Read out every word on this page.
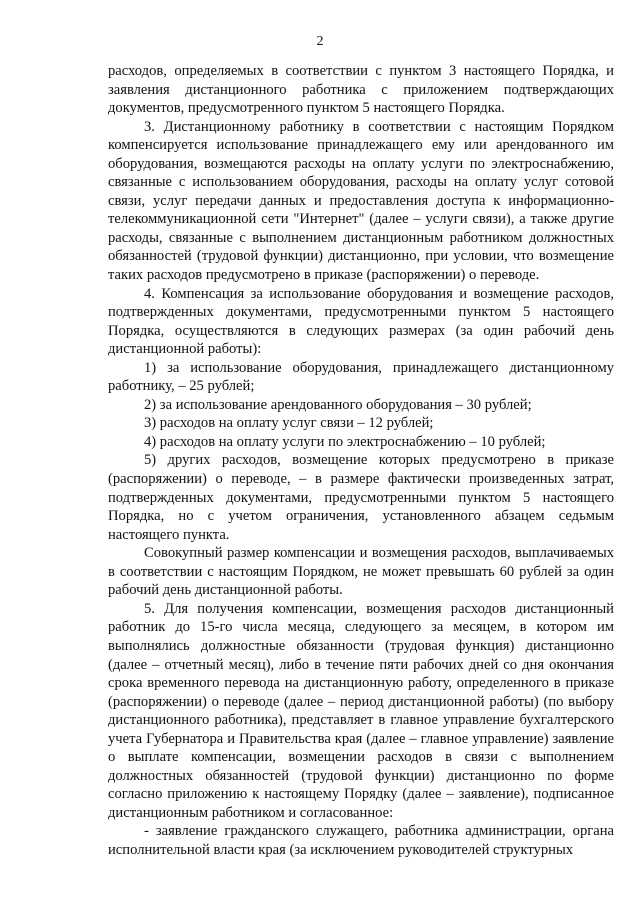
2

расходов, определяемых в соответствии с пунктом 3 настоящего Порядка, и заявления дистанционного работника с приложением подтверждающих документов, предусмотренного пунктом 5 настоящего Порядка.

3. Дистанционному работнику в соответствии с настоящим Порядком компенсируется использование принадлежащего ему или арендованного им оборудования, возмещаются расходы на оплату услуги по электроснабжению, связанные с использованием оборудования, расходы на оплату услуг сотовой связи, услуг передачи данных и предоставления доступа к информационно-телекоммуникационной сети "Интернет" (далее – услуги связи), а также другие расходы, связанные с выполнением дистанционным работником должностных обязанностей (трудовой функции) дистанционно, при условии, что возмещение таких расходов предусмотрено в приказе (распоряжении) о переводе.

4. Компенсация за использование оборудования и возмещение расходов, подтвержденных документами, предусмотренными пунктом 5 настоящего Порядка, осуществляются в следующих размерах (за один рабочий день дистанционной работы):

1) за использование оборудования, принадлежащего дистанционному работнику, – 25 рублей;

2) за использование арендованного оборудования – 30 рублей;

3) расходов на оплату услуг связи – 12 рублей;

4) расходов на оплату услуги по электроснабжению – 10 рублей;

5) других расходов, возмещение которых предусмотрено в приказе (распоряжении) о переводе, – в размере фактически произведенных затрат, подтвержденных документами, предусмотренными пунктом 5 настоящего Порядка, но с учетом ограничения, установленного абзацем седьмым настоящего пункта.

Совокупный размер компенсации и возмещения расходов, выплачиваемых в соответствии с настоящим Порядком, не может превышать 60 рублей за один рабочий день дистанционной работы.

5. Для получения компенсации, возмещения расходов дистанционный работник до 15-го числа месяца, следующего за месяцем, в котором им выполнялись должностные обязанности (трудовая функция) дистанционно (далее – отчетный месяц), либо в течение пяти рабочих дней со дня окончания срока временного перевода на дистанционную работу, определенного в приказе (распоряжении) о переводе (далее – период дистанционной работы) (по выбору дистанционного работника), представляет в главное управление бухгалтерского учета Губернатора и Правительства края (далее – главное управление) заявление о выплате компенсации, возмещении расходов в связи с выполнением должностных обязанностей (трудовой функции) дистанционно по форме согласно приложению к настоящему Порядку (далее – заявление), подписанное дистанционным работником и согласованное:

- заявление гражданского служащего, работника администрации, органа исполнительной власти края (за исключением руководителей структурных
